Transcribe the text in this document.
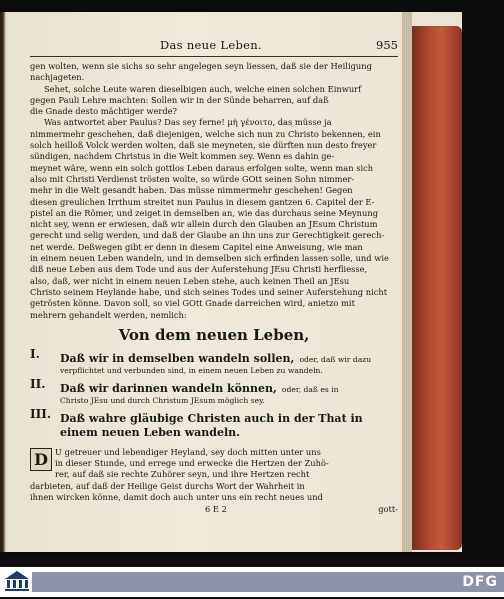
Das neue Leben.	955

gen wolten, wenn sie sichs so sehr angelegen seyn liessen, daß sie der Heiligung

nachjageten.

Sehet, solche Leute waren dieselbigen auch, welche einen solchen Einwurf

gegen Pauli Lehre machten: Sollen wir in der Sünde beharren, auf daß

die Gnade desto mächtiger werde?

Was antwortet aber Paulus? Das sey ferne! μὴ γένοιτο, das müsse ja

nimmermehr geschehen, daß diejenigen, welche sich nun zu Christo bekennen, ein

solch heilloß Volck werden wolten, daß sie meyneten, sie dürften nun desto freyer

sündigen, nachdem Christus in die Welt kommen sey. Wenn es dahin ge-

meynet wäre, wenn ein solch gottlos Leben daraus erfolgen solte, wenn man sich

also mit Christi Verdienst trösten wolte, so würde GOtt seinen Sohn nimmer-

mehr in die Welt gesandt haben. Das müsse nimmermehr geschehen! Gegen

diesen greulichen Irrthum streitet nun Paulus in diesem gantzen 6. Capitel der E-

pistel an die Römer, und zeiget in demselben an, wie das durchaus seine Meynung

nicht sey, wenn er erwiesen, daß wir allein durch den Glauben an JEsum Christum

gerecht und selig werden, und daß der Glaube an ihn uns zur Gerechtigkeit gerech-

net werde. Deßwegen gibt er denn in diesem Capitel eine Anweisung, wie man

in einem neuen Leben wandeln, und in demselben sich erfinden lassen solle, und wie

diß neue Leben aus dem Tode und aus der Auferstehung JEsu Christi herfliesse,

also, daß, wer nicht in einem neuen Leben stehe, auch keinen Theil an JEsu

Christo seinem Heylande habe, und sich seines Todes und seiner Auferstehung nicht

getrösten könne. Davon soll, so viel GOtt Gnade darreichen wird, anietzo mit

mehrern gehandelt werden, nemlich:

Von dem neuen Leben,
I.	Daß wir in demselben wandeln sollen, oder, daß wir dazu
verpflichtet und verbunden sind, in einem neuen Leben zu wandeln.
II.	Daß wir darinnen wandeln können, oder, daß es in
Christo JEsu und durch Christum JEsum möglich sey.
III. Daß wahre gläubige Christen auch in der That in
einem neuen Leben wandeln.
D U getreuer und lebendiger Heyland, sey doch mitten unter uns

in dieser Stunde, und errege und erwecke die Hertzen der Zuhö-

rer, auf daß sie rechte Zuhörer seyn, und ihre Hertzen recht

darbieten, auf daß der Heilige Geist durchs Wort der Wahrheit in

ihnen wircken könne, damit doch auch unter uns ein recht neues und

6 E 2	gott-
DFG
